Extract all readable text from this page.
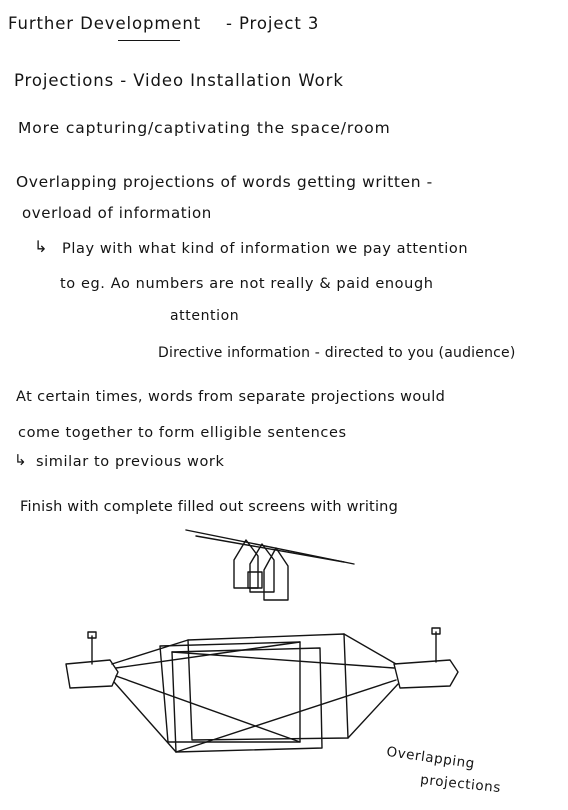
Further Development - Project 3
Projections - Video Installation Work
More capturing/captivating the space/room
Overlapping projections of words getting written -
overload of information
↳ Play with what kind of information we pay attention
to eg. Ao numbers are not really & paid enough
attention
Directive information - directed to you (audience)
At certain times, words from separate projections would
come together to form elligible sentences
↳ similar to previous work
Finish with complete filled out screens with writing
Overlapping
projections
